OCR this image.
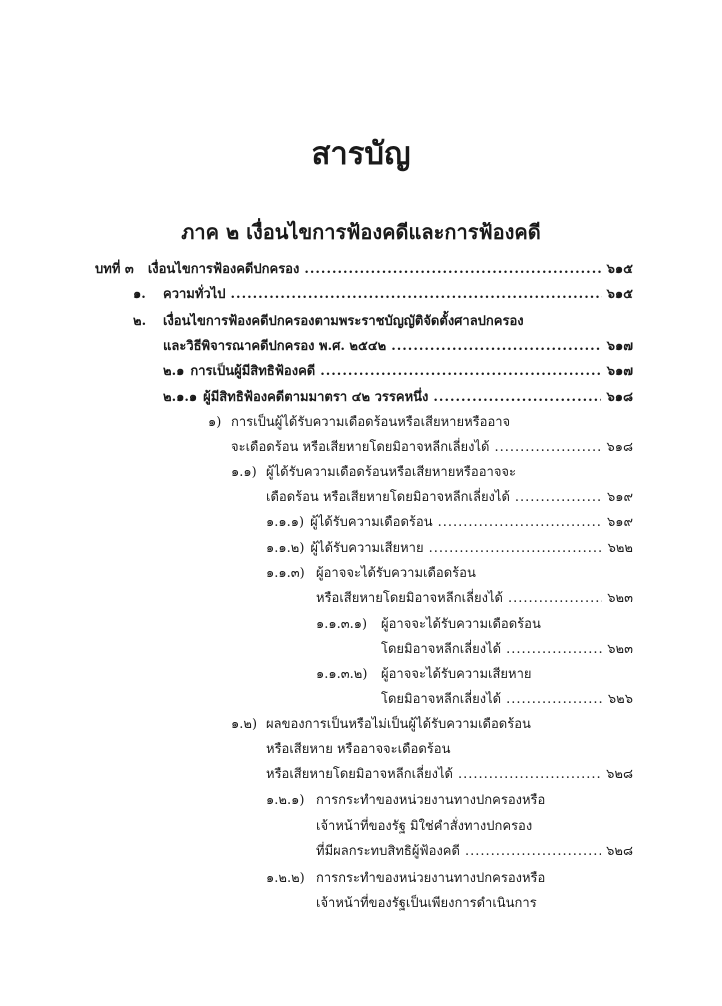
สารบัญ
ภาค ๒ เงื่อนไขการฟ้องคดีและการฟ้องคดี
บทที่ ๓ เงื่อนไขการฟ้องคดีปกครอง .....	๖๑๕
๑. ความทั่วไป .....	๖๑๕
๒. เงื่อนไขการฟ้องคดีปกครองตามพระราชบัญญัติจัดตั้งศาลปกครอง
และวิธีพิจารณาคดีปกครอง พ.ศ. ๒๕๔๒ .....	๖๑๗
๒.๑ การเป็นผู้มีสิทธิฟ้องคดี .....	๖๑๗
๒.๑.๑ ผู้มีสิทธิฟ้องคดีตามมาตรา ๔๒ วรรคหนึ่ง .....	๖๑๘
๑) การเป็นผู้ได้รับความเดือดร้อนหรือเสียหายหรืออาจ
จะเดือดร้อน หรือเสียหายโดยมิอาจหลีกเลี่ยงได้ .....	๖๑๘
๑.๑) ผู้ได้รับความเดือดร้อนหรือเสียหายหรืออาจจะ
เดือดร้อน หรือเสียหายโดยมิอาจหลีกเลี่ยงได้ .....	๖๑๙
๑.๑.๑) ผู้ได้รับความเดือดร้อน .....	๖๑๙
๑.๑.๒) ผู้ได้รับความเสียหาย .....	๖๒๒
๑.๑.๓) ผู้อาจจะได้รับความเดือดร้อน
หรือเสียหายโดยมิอาจหลีกเลี่ยงได้ .....	๖๒๓
๑.๑.๓.๑) ผู้อาจจะได้รับความเดือดร้อน
โดยมิอาจหลีกเลี่ยงได้ .....	๖๒๓
๑.๑.๓.๒) ผู้อาจจะได้รับความเสียหาย
โดยมิอาจหลีกเลี่ยงได้ .....	๖๒๖
๑.๒) ผลของการเป็นหรือไม่เป็นผู้ได้รับความเดือดร้อน
หรือเสียหาย หรืออาจจะเดือดร้อน
หรือเสียหายโดยมิอาจหลีกเลี่ยงได้ .....	๖๒๘
๑.๒.๑) การกระทำของหน่วยงานทางปกครองหรือ
เจ้าหน้าที่ของรัฐ มิใช่คำสั่งทางปกครอง
ที่มีผลกระทบสิทธิผู้ฟ้องคดี .....	๖๒๘
๑.๒.๒) การกระทำของหน่วยงานทางปกครองหรือ
เจ้าหน้าที่ของรัฐเป็นเพียงการดำเนินการ
